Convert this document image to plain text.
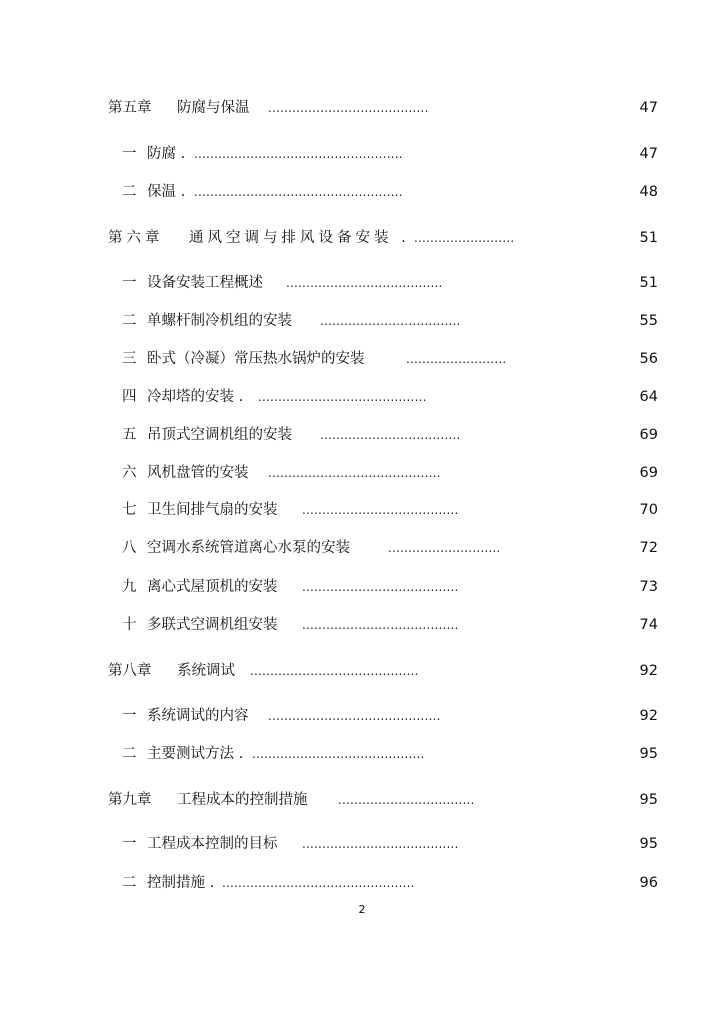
第五章 防腐与保温 ........................................	47
一 防腐 . ....................................................	47
二 保温 . ....................................................	48
第六章 通风空调与排风设备安装 . .........................	51
一 设备安装工程概述 .......................................	51
二 单螺杆制冷机组的安装 ...................................	55
三 卧式（冷凝）常压热水锅炉的安装	.........................	56
四 冷却塔的安装 . ..........................................	64
五 吊顶式空调机组的安装 ...................................	69
六 风机盘管的安装 ...........................................	69
七 卫生间排气扇的安装 .......................................	70
八 空调水系统管道离心水泵的安装	............................	72
九 离心式屋顶机的安装 .......................................	73
十 多联式空调机组安装 .......................................	74
第八章 系统调试 ..........................................	92
一 系统调试的内容 ...........................................	92
二 主要测试方法 . ...........................................	95
第九章 工程成本的控制措施	..................................	95
一 工程成本控制的目标 .......................................	95
二 控制措施 . ................................................	96
2
